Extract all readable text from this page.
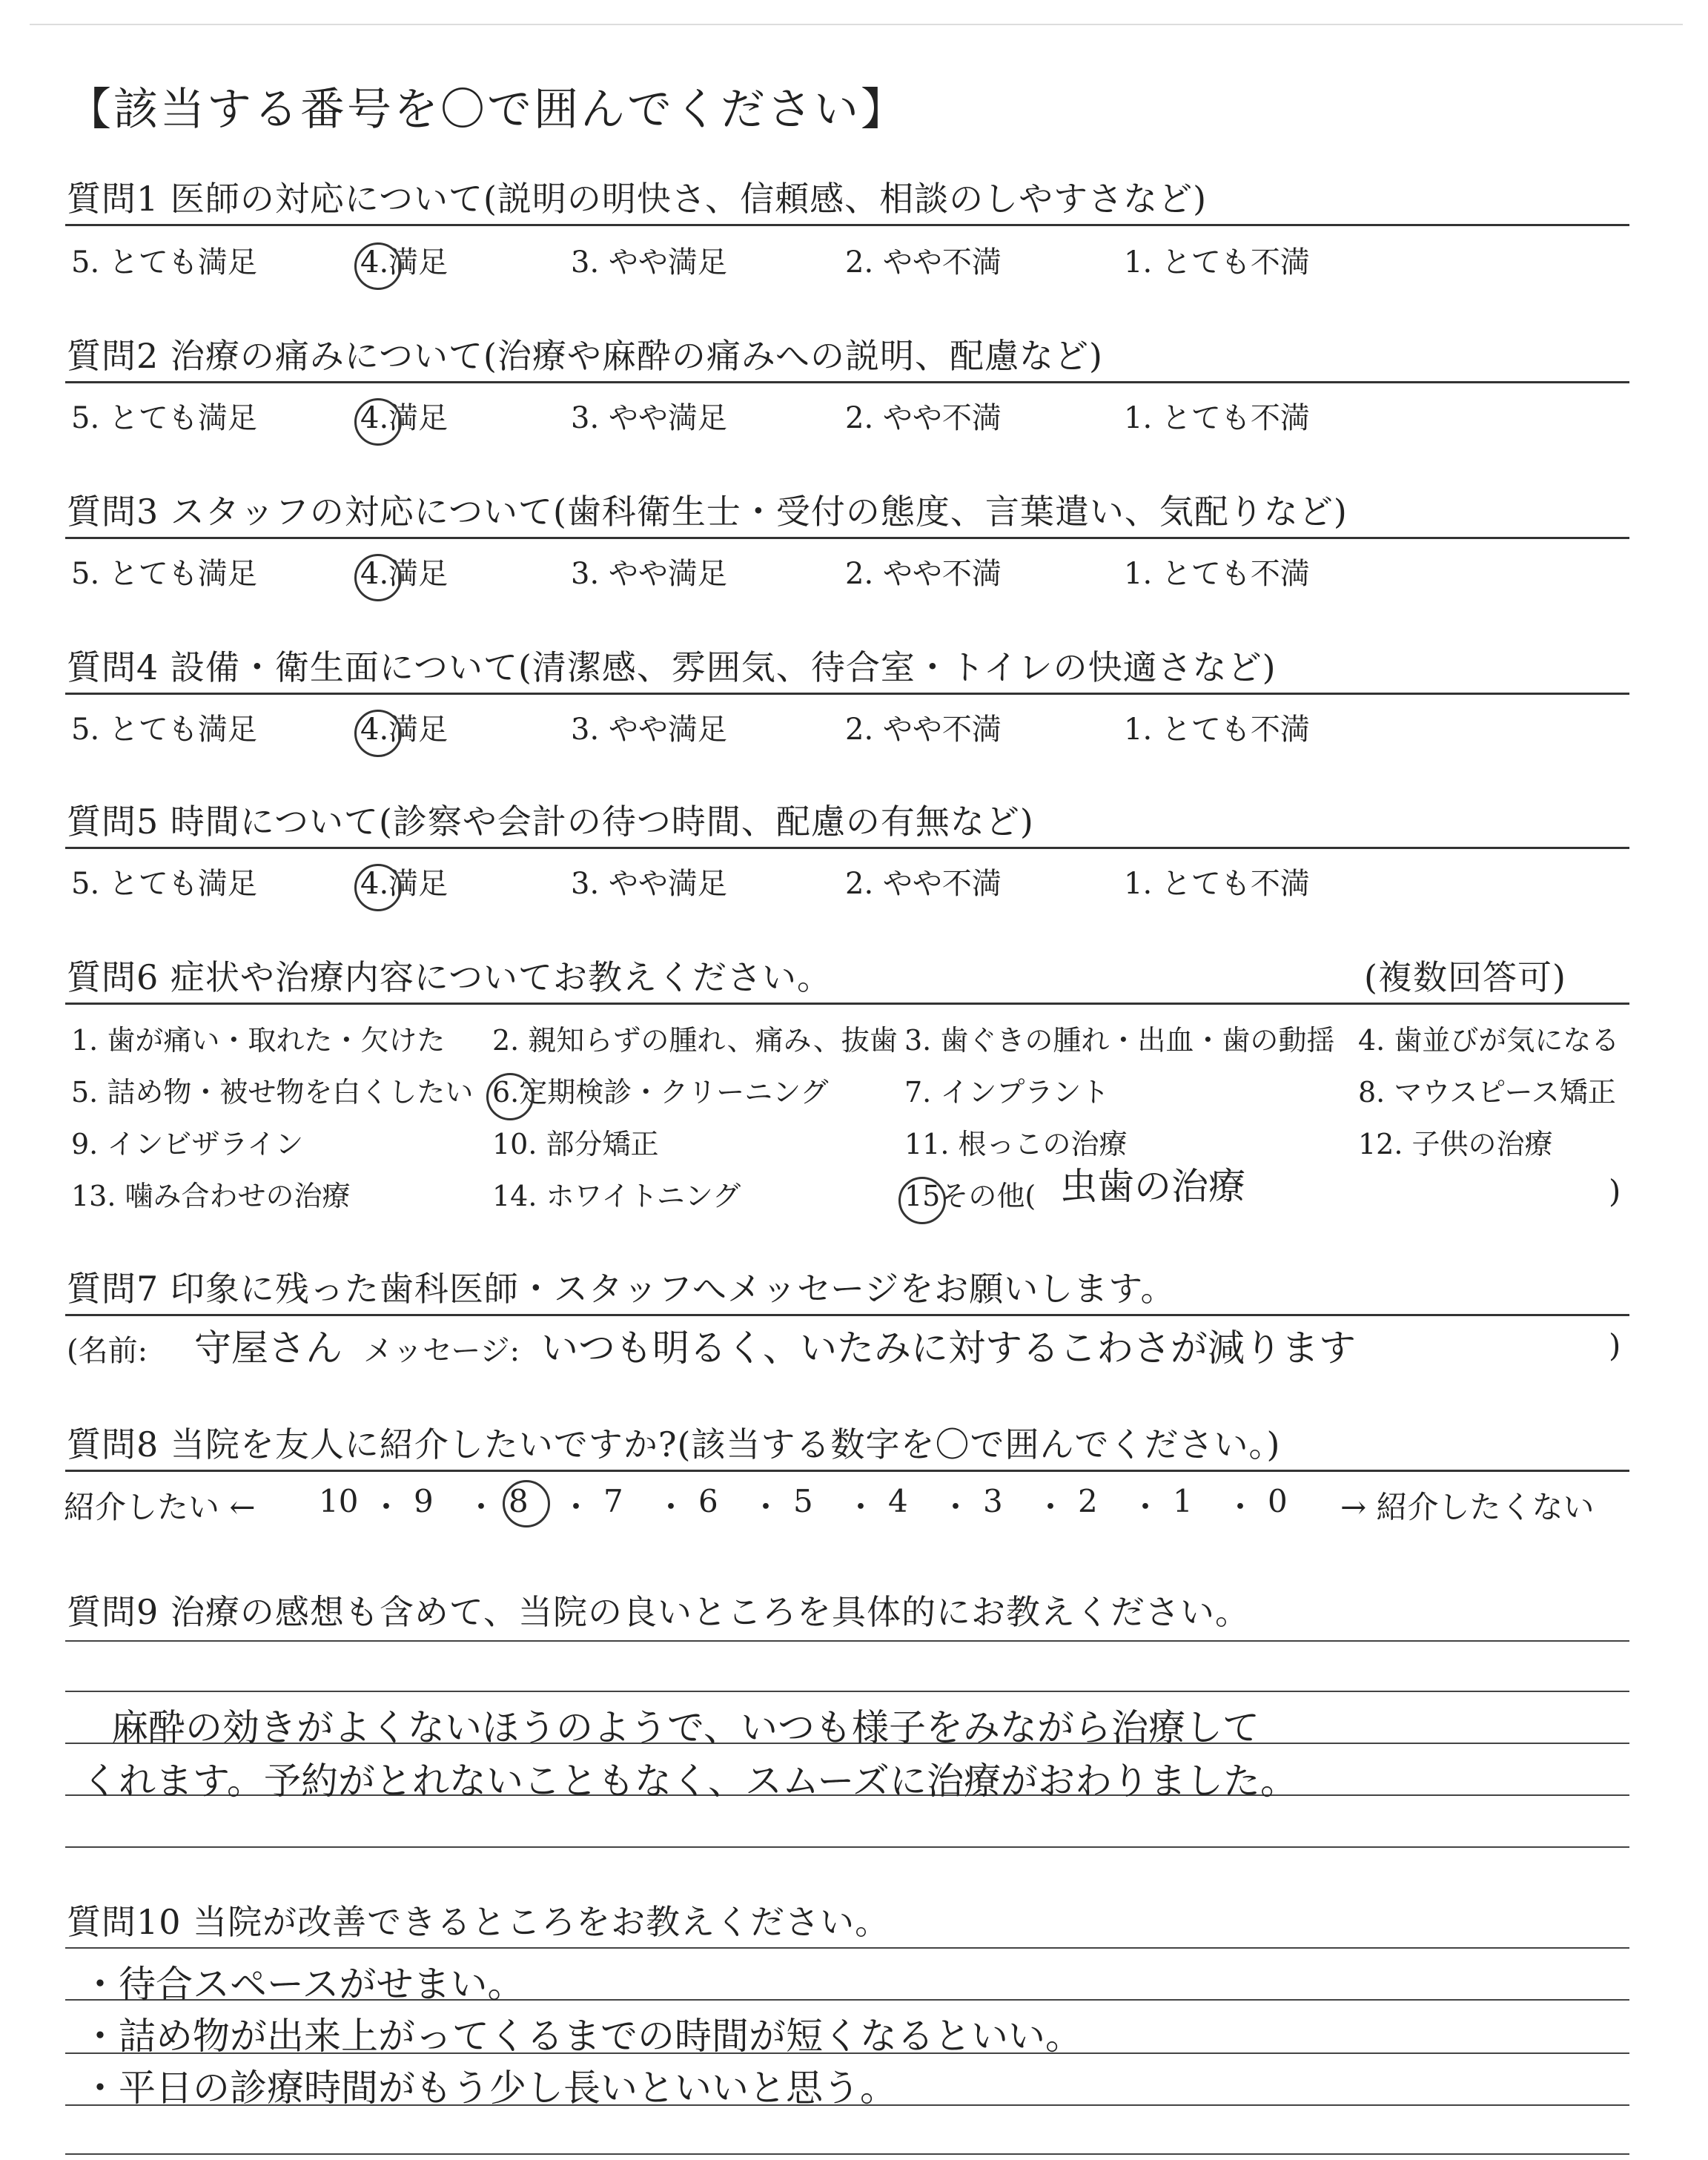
【該当する番号を〇で囲んでください】
質問1 医師の対応について(説明の明快さ、信頼感、相談のしやすさなど)
5. とても満足	4.満足	3. やや満足	2. やや不満	1. とても不満
質問2 治療の痛みについて(治療や麻酔の痛みへの説明、配慮など)
5. とても満足	4.満足	3. やや満足	2. やや不満	1. とても不満
質問3 スタッフの対応について(歯科衛生士・受付の態度、言葉遣い、気配りなど)
5. とても満足	4.満足	3. やや満足	2. やや不満	1. とても不満
質問4 設備・衛生面について(清潔感、雰囲気、待合室・トイレの快適さなど)
5. とても満足	4.満足	3. やや満足	2. やや不満	1. とても不満
質問5 時間について(診察や会計の待つ時間、配慮の有無など)
5. とても満足	4.満足	3. やや満足	2. やや不満	1. とても不満
質問6 症状や治療内容についてお教えください。	(複数回答可)
1. 歯が痛い・取れた・欠けた 2. 親知らずの腫れ、痛み、抜歯 3. 歯ぐきの腫れ・出血・歯の動揺 4. 歯並びが気になる
5. 詰め物・被せ物を白くしたい 6.定期検診・クリーニング	7. インプラント	8. マウスピース矯正
9. インビザライン	10. 部分矯正	11. 根っこの治療	12. 子供の治療
13. 噛み合わせの治療	14. ホワイトニング	15その他( 虫歯の治療	)
質問7 印象に残った歯科医師・スタッフへメッセージをお願いします。
(名前: 守屋さん メッセージ: いつも明るく、いたみに対するこわさが減ります	)
質問8 当院を友人に紹介したいですか?(該当する数字を〇で囲んでください。)
紹介したい ← 10 ・ 9 ・ 8 ・ 7 ・ 6 ・ 5 ・ 4 ・ 3 ・ 2 ・ 1 ・ 0 → 紹介したくない
質問9 治療の感想も含めて、当院の良いところを具体的にお教えください。
麻酔の効きがよくないほうのようで、いつも様子をみながら治療して
くれます。予約がとれないこともなく、スムーズに治療がおわりました。
質問10 当院が改善できるところをお教えください。
・待合スペースがせまい。
・詰め物が出来上がってくるまでの時間が短くなるといい。
・平日の診療時間がもう少し長いといいと思う。
